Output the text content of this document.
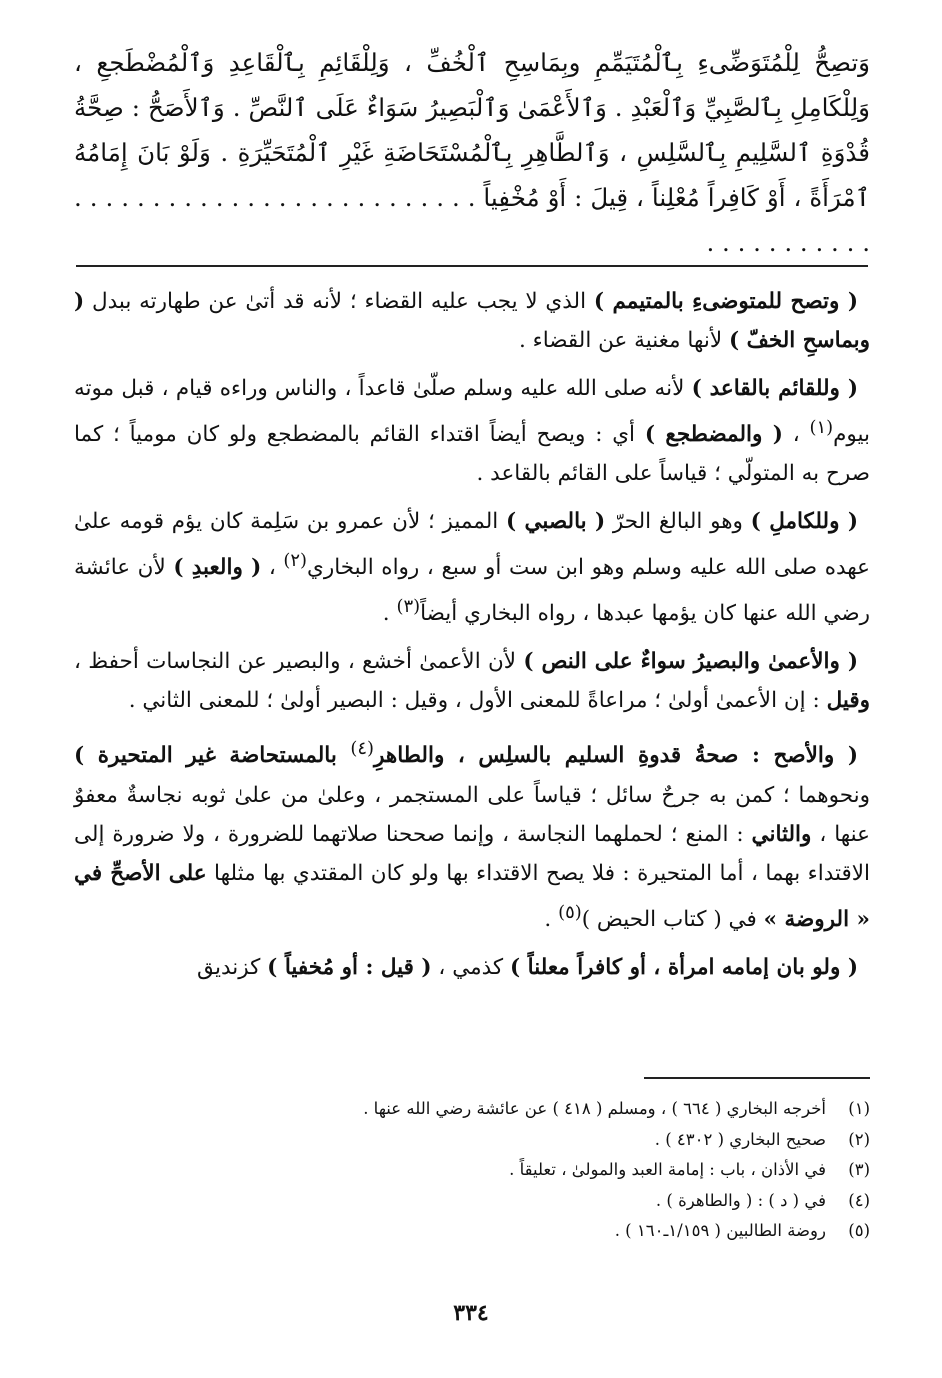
وَتصِحُّ لِلْمُتَوَضِّىءِ بِٱلْمُتَيَمِّمِ وبِمَاسِحِ ٱلْخُفِّ ، وَلِلْقَائِمِ بِٱلْقَاعِدِ وَٱلْمُضْطَجعِ ، وَلِلْكَامِلِ بِٱلصَّبِيِّ وَٱلْعَبْدِ . وَٱلأَعْمَىٰ وَٱلْبَصِيرُ سَوَاءٌ عَلَى ٱلنَّصِّ . وَٱلأَصَحُّ : صِحَّةُ قُدْوَةِ ٱلسَّلِيمِ بِٱلسَّلِسِ ، وَٱلطَّاهِرِ بِٱلْمُسْتَحَاضَةِ غَيْرِ ٱلْمُتَحَيِّرَةِ . وَلَوْ بَانَ إِمَامُهُ ٱمْرَأَةً ، أَوْ كَافِراً مُعْلِناً ، قِيلَ : أَوْ مُخْفِياً . . . . . . . . . . . . . . . . . . . . . . . . . . . . . . . . . . . . .

( وتصح للمتوضىءِ بالمتيمم ) الذي لا يجب عليه القضاء ؛ لأنه قد أتىٰ عن طهارته ببدل ( وبماسحِ الخفّ ) لأنها مغنية عن القضاء .

( وللقائم بالقاعد ) لأنه صلى الله عليه وسلم صلّىٰ قاعداً ، والناس وراءه قيام ، قبل موته بيوم$^{(١)}$ ، ( والمضطجع ) أي : ويصح أيضاً اقتداء القائم بالمضطجع ولو كان مومياً ؛ كما صرح به المتولّي ؛ قياساً على القائم بالقاعد .

( وللكاملِ ) وهو البالغ الحرّ ( بالصبي ) المميز ؛ لأن عمرو بن سَلِمة كان يؤم قومه علىٰ عهده صلى الله عليه وسلم وهو ابن ست أو سبع ، رواه البخاري$^{(٢)}$ ، ( والعبدِ ) لأن عائشة رضي الله عنها كان يؤمها عبدها ، رواه البخاري أيضاً$^{(٣)}$ .

( والأعمىٰ والبصيرُ سواءٌ على النص ) لأن الأعمىٰ أخشع ، والبصير عن النجاسات أحفظ ، وقيل : إن الأعمىٰ أولىٰ ؛ مراعاةً للمعنى الأول ، وقيل : البصير أولىٰ ؛ للمعنى الثاني .

( والأصح : صحةُ قدوةِ السليم بالسلِس ، والطاهرِ$^{(٤)}$ بالمستحاضة غير المتحيرة ) ونحوهما ؛ كمن به جرحٌ سائل ؛ قياساً على المستجمر ، وعلىٰ من علىٰ ثوبه نجاسةٌ معفوٌ عنها ، والثاني : المنع ؛ لحملهما النجاسة ، وإنما صححنا صلاتهما للضرورة ، ولا ضرورة إلى الاقتداء بهما ، أما المتحيرة : فلا يصح الاقتداء بها ولو كان المقتدي بها مثلها على الأصحِّ في « الروضة » في ( كتاب الحيض )$^{(٥)}$ .

( ولو بان إمامه امرأة ، أو كافراً معلناً ) كذمي ، ( قيل : أو مُخفياً ) كزنديق

(١)
أخرجه البخاري ( ٦٦٤ ) ، ومسلم ( ٤١٨ ) عن عائشة رضي الله عنها .
(٢)
صحيح البخاري ( ٤٣٠٢ ) .
(٣)
في الأذان ، باب : إمامة العبد والمولىٰ ، تعليقاً .
(٤)
في ( د ) : ( والطاهرة ) .
(٥)
روضة الطالبين ( ١/١٥٩ـ١٦٠ ) .
٣٣٤
